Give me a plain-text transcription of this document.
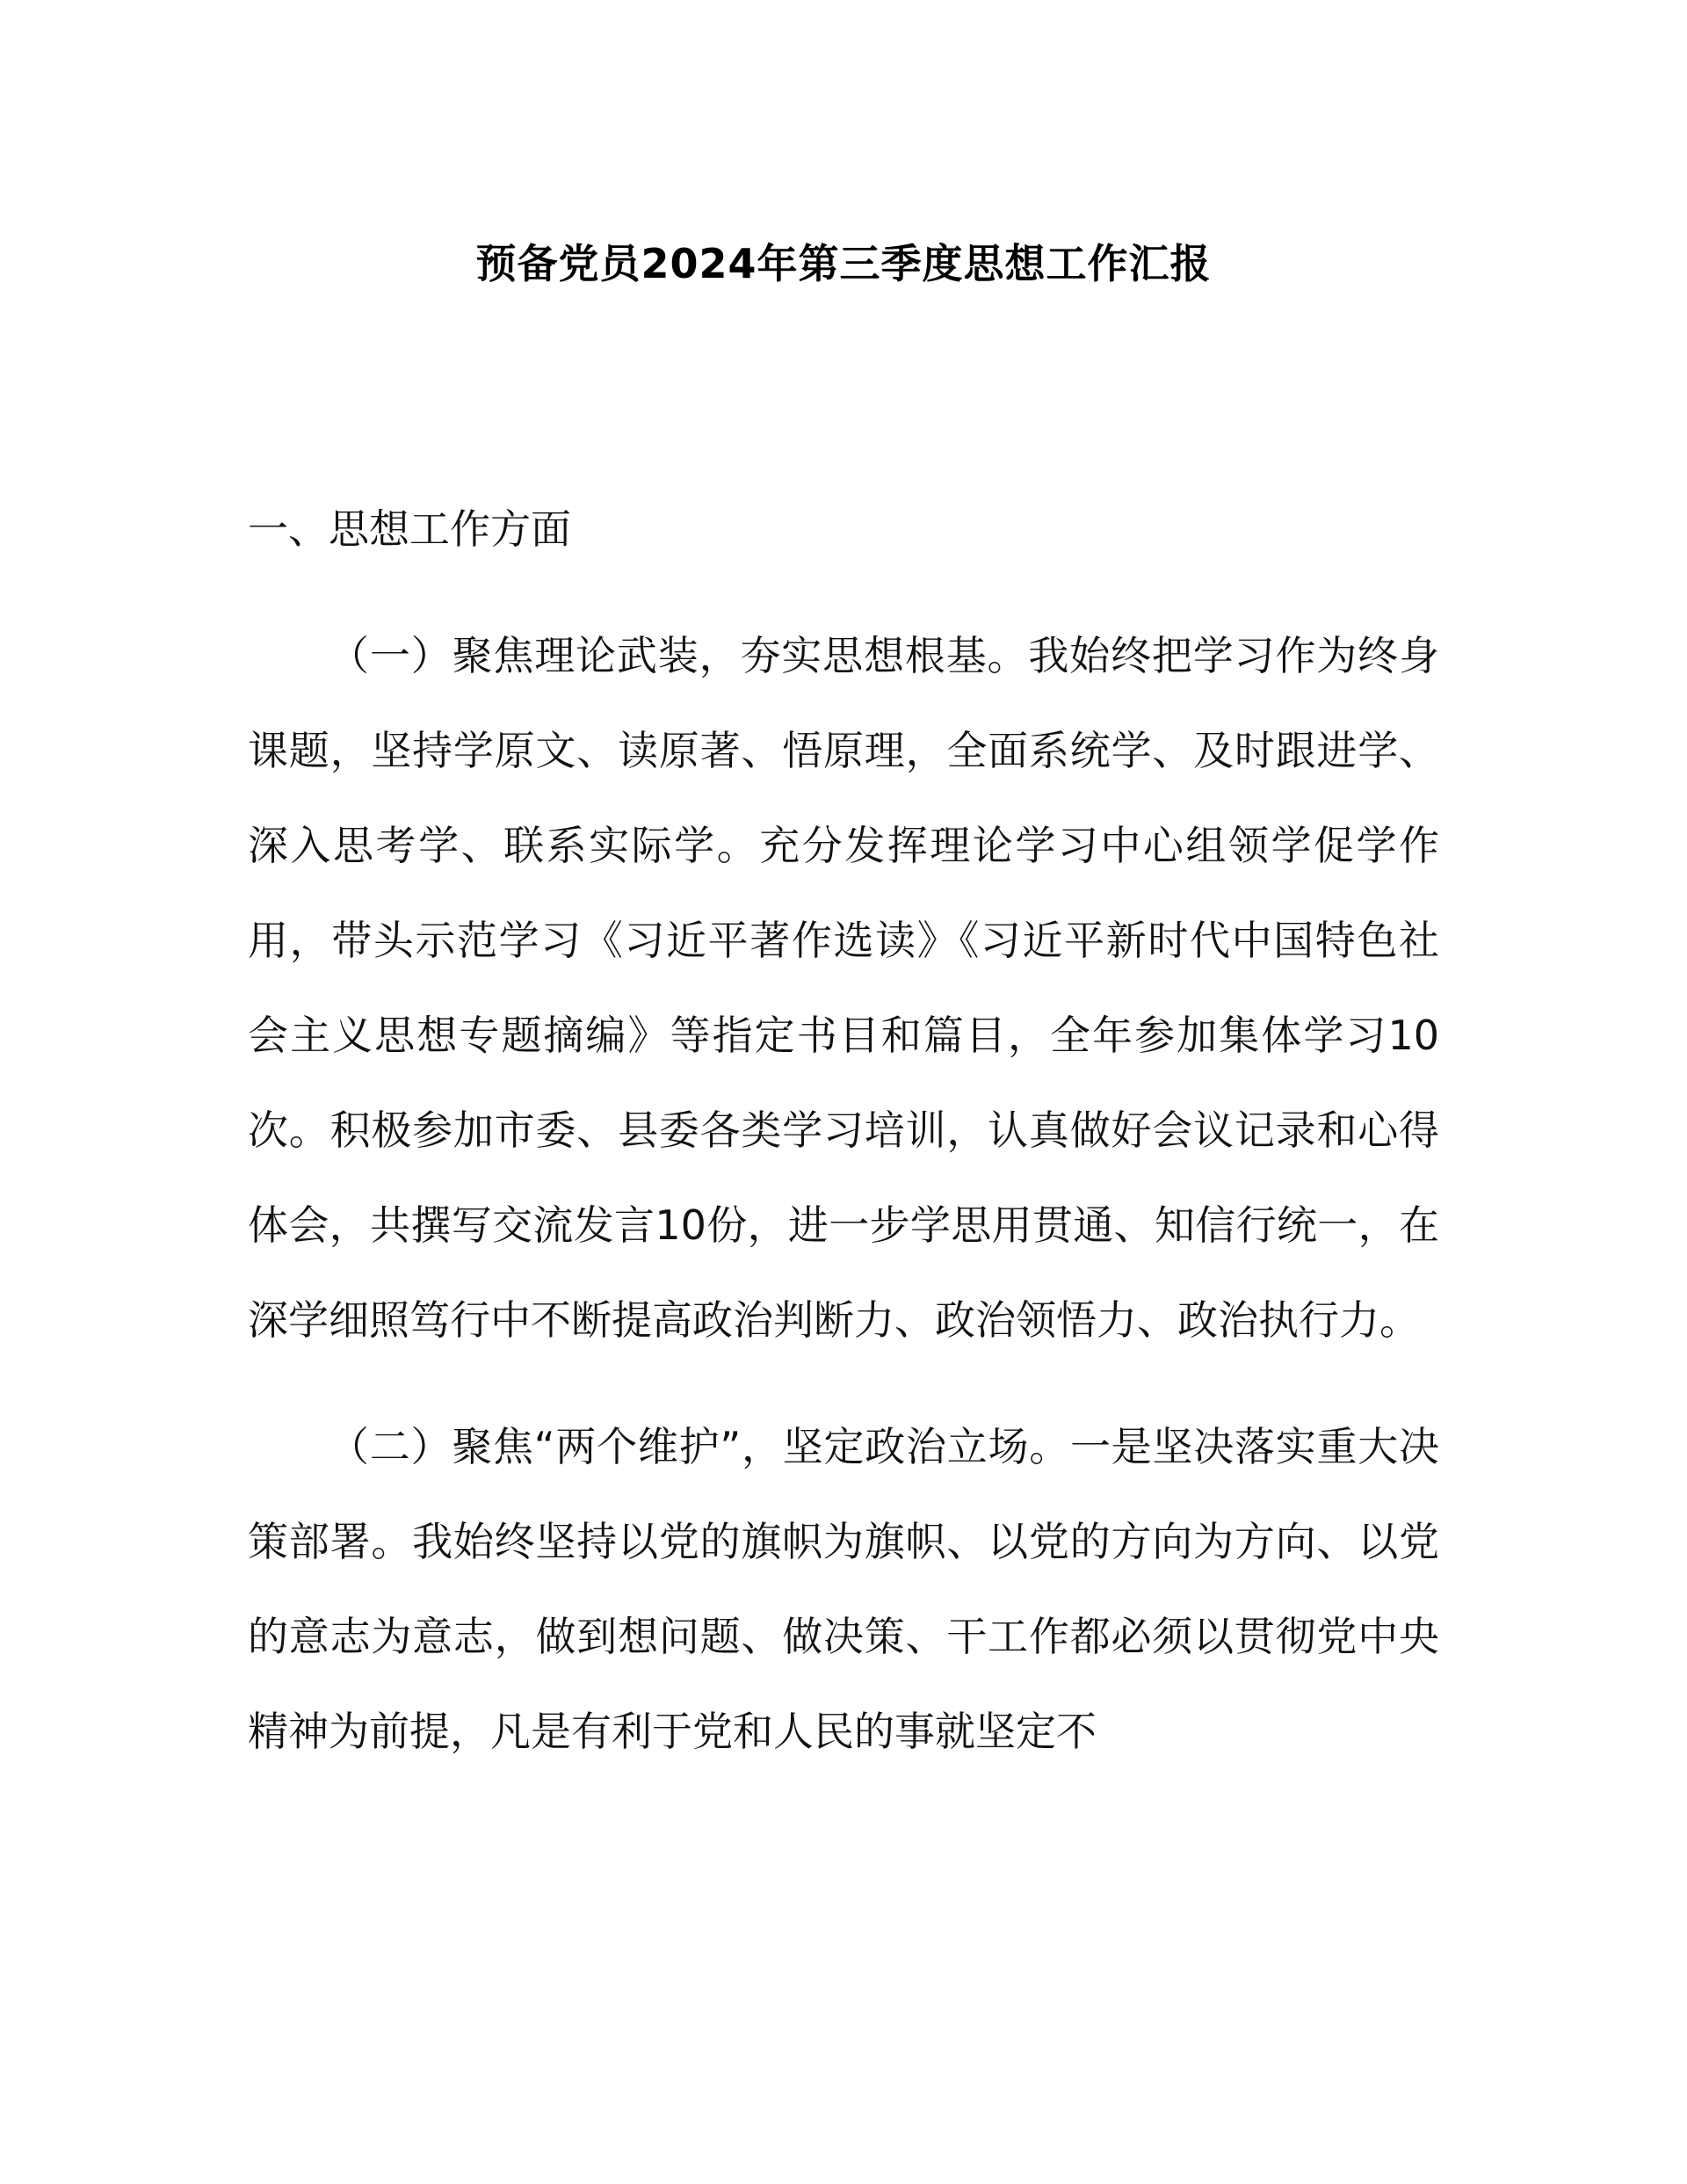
预备党员2024年第三季度思想工作汇报
一、思想工作方面
（一）聚焦理论武装，夯实思想根基。我始终把学习作为终身课题，坚持学原文、读原著、悟原理，全面系统学、及时跟进学、深入思考学、联系实际学。充分发挥理论学习中心组领学促学作用，带头示范学习《习近平著作选读》《习近平新时代中国特色社会主义思想专题摘编》等指定书目和篇目，全年参加集体学习10次。积极参加市委、县委各类学习培训，认真做好会议记录和心得体会，共撰写交流发言10份，进一步学思用贯通、知信行统一，在深学细照笃行中不断提高政治判断力、政治领悟力、政治执行力。
（二）聚焦“两个维护”，坚定政治立场。一是坚决落实重大决策部署。我始终坚持以党的旗帜为旗帜、以党的方向为方向、以党的意志为意志，做到想问题、做决策、干工作都必须以贯彻党中央精神为前提，凡是有利于党和人民的事就坚定不
